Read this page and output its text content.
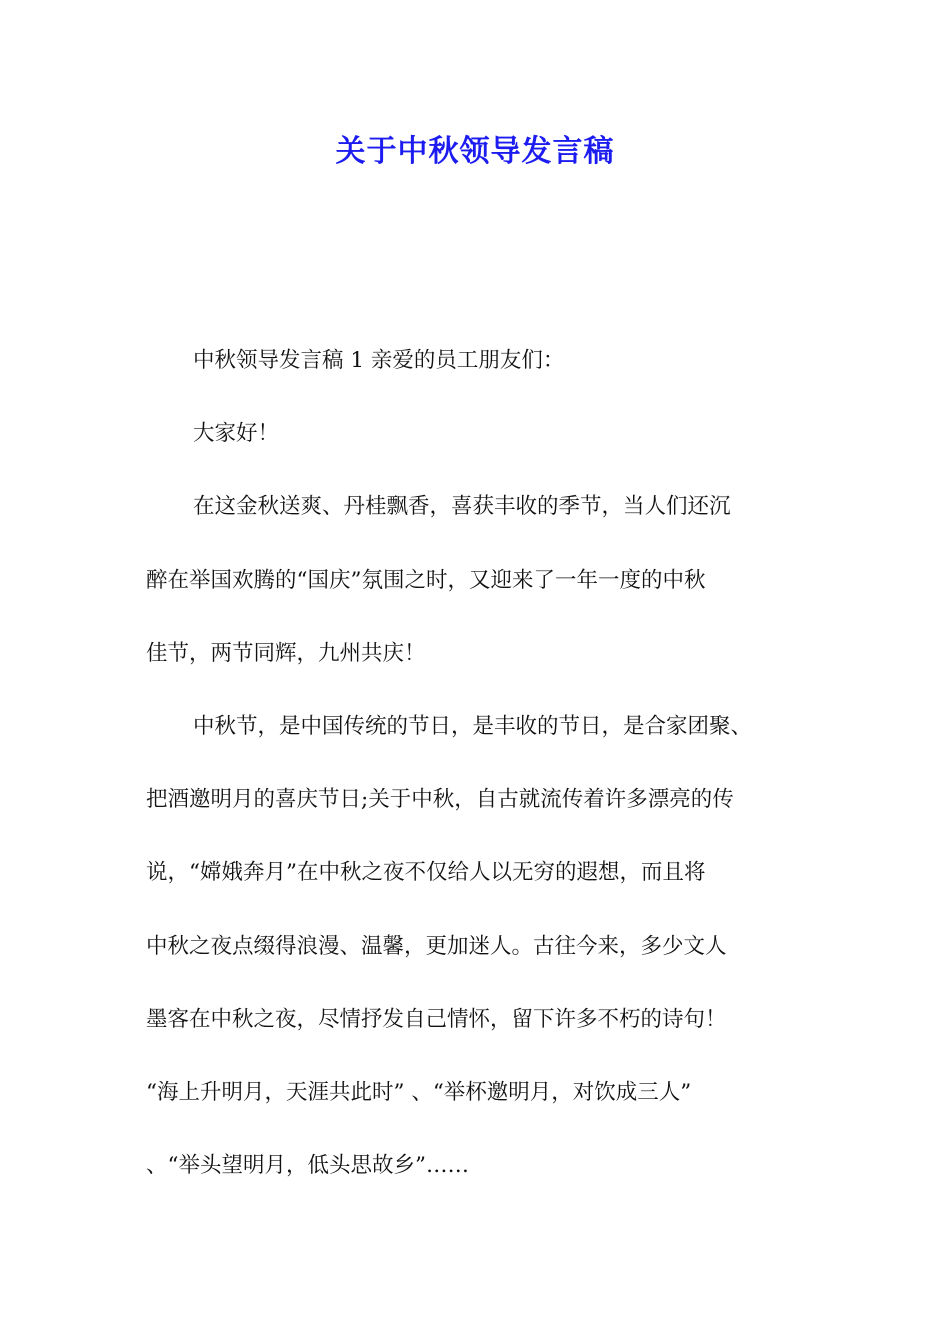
关于中秋领导发言稿
中秋领导发言稿 1 亲爱的员工朋友们：
大家好！
在这金秋送爽、丹桂飘香，喜获丰收的季节，当人们还沉
醉在举国欢腾的“国庆”氛围之时，又迎来了一年一度的中秋
佳节，两节同辉，九州共庆！
中秋节，是中国传统的节日，是丰收的节日，是合家团聚、
把酒邀明月的喜庆节日;关于中秋，自古就流传着许多漂亮的传
说，“嫦娥奔月”在中秋之夜不仅给人以无穷的遐想，而且将
中秋之夜点缀得浪漫、温馨，更加迷人。古往今来，多少文人
墨客在中秋之夜，尽情抒发自己情怀，留下许多不朽的诗句！
“海上升明月，天涯共此时” 、“举杯邀明月，对饮成三人”
、“举头望明月，低头思故乡”……
